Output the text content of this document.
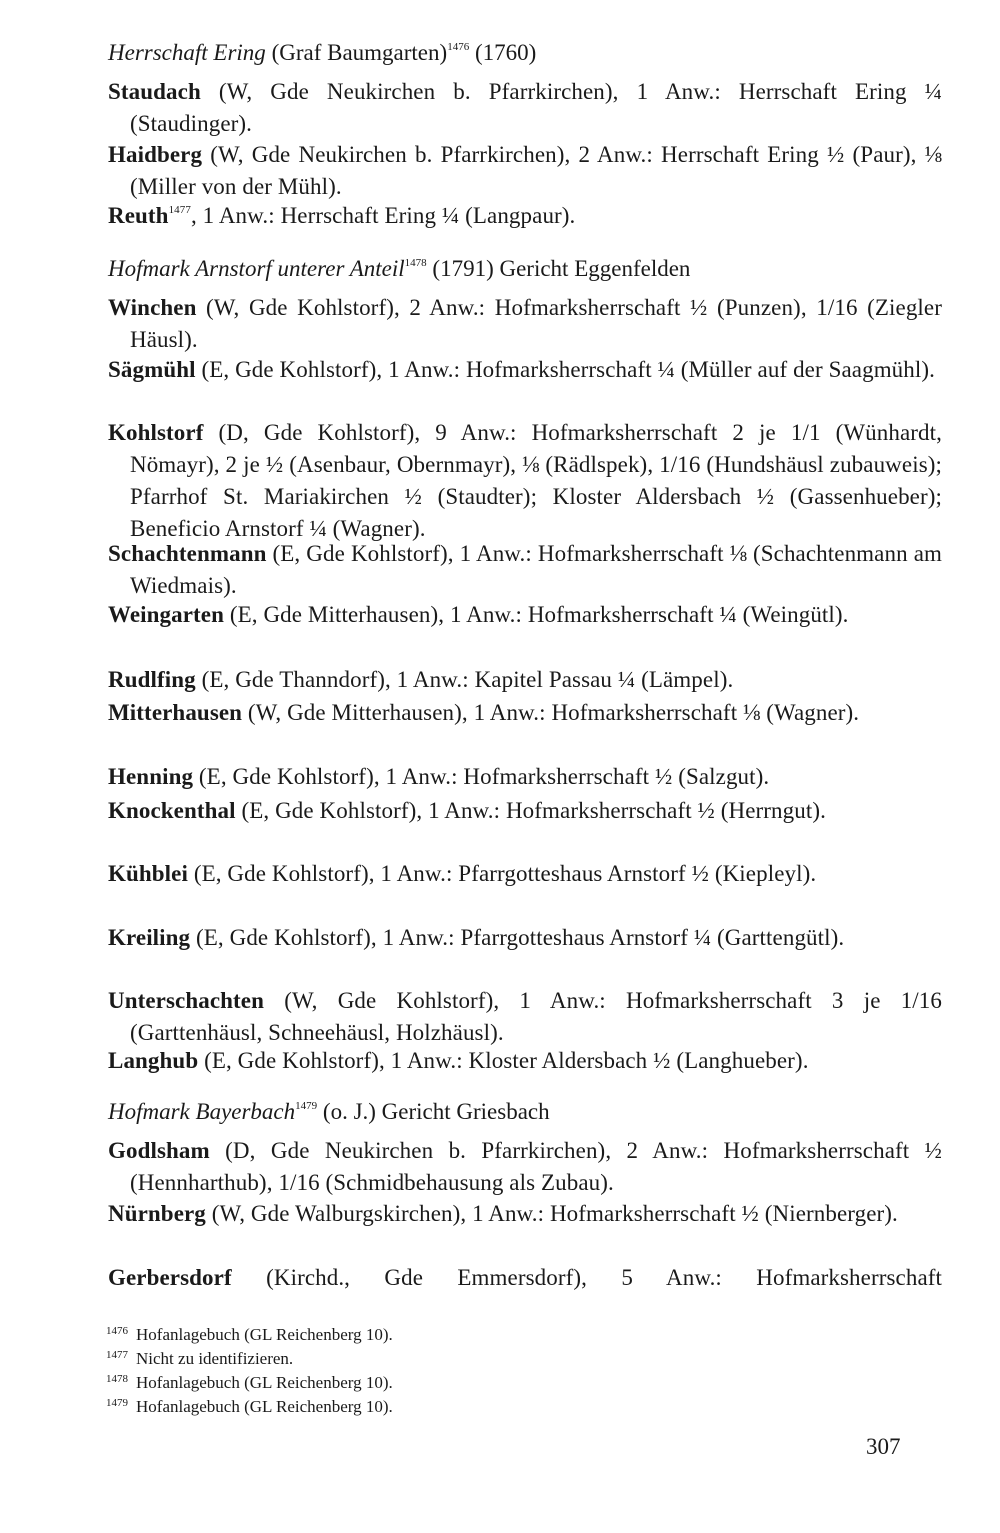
Herrschaft Ering (Graf Baumgarten)$^{1476}$ (1760)
Staudach (W, Gde Neukirchen b. Pfarrkirchen), 1 Anw.: Herrschaft Ering ¼ (Staudinger).
Haidberg (W, Gde Neukirchen b. Pfarrkirchen), 2 Anw.: Herrschaft Ering ½ (Paur), ⅛ (Miller von der Mühl).
Reuth$^{1477}$, 1 Anw.: Herrschaft Ering ¼ (Langpaur).
Hofmark Arnstorf unterer Anteil$^{1478}$ (1791) Gericht Eggenfelden
Winchen (W, Gde Kohlstorf), 2 Anw.: Hofmarksherrschaft ½ (Punzen), 1/16 (Ziegler Häusl).
Sägmühl (E, Gde Kohlstorf), 1 Anw.: Hofmarksherrschaft ¼ (Müller auf der Saagmühl).
Kohlstorf (D, Gde Kohlstorf), 9 Anw.: Hofmarksherrschaft 2 je 1/1 (Wünhardt, Nömayr), 2 je ½ (Asenbaur, Obernmayr), ⅛ (Rädlspek), 1/16 (Hundshäusl zubauweis); Pfarrhof St. Mariakirchen ½ (Staudter); Kloster Aldersbach ½ (Gassenhueber); Beneficio Arnstorf ¼ (Wagner).
Schachtenmann (E, Gde Kohlstorf), 1 Anw.: Hofmarksherrschaft ⅛ (Schachtenmann am Wiedmais).
Weingarten (E, Gde Mitterhausen), 1 Anw.: Hofmarksherrschaft ¼ (Weingütl).
Rudlfing (E, Gde Thanndorf), 1 Anw.: Kapitel Passau ¼ (Lämpel).
Mitterhausen (W, Gde Mitterhausen), 1 Anw.: Hofmarksherrschaft ⅛ (Wagner).
Henning (E, Gde Kohlstorf), 1 Anw.: Hofmarksherrschaft ½ (Salzgut).
Knockenthal (E, Gde Kohlstorf), 1 Anw.: Hofmarksherrschaft ½ (Herrngut).
Kühblei (E, Gde Kohlstorf), 1 Anw.: Pfarrgotteshaus Arnstorf ½ (Kiepleyl).
Kreiling (E, Gde Kohlstorf), 1 Anw.: Pfarrgotteshaus Arnstorf ¼ (Garttengütl).
Unterschachten (W, Gde Kohlstorf), 1 Anw.: Hofmarksherrschaft 3 je 1/16 (Garttenhäusl, Schneehäusl, Holzhäusl).
Langhub (E, Gde Kohlstorf), 1 Anw.: Kloster Aldersbach ½ (Langhueber).
Hofmark Bayerbach$^{1479}$ (o. J.) Gericht Griesbach
Godlsham (D, Gde Neukirchen b. Pfarrkirchen), 2 Anw.: Hofmarksherrschaft ½ (Hennharthub), 1/16 (Schmidbehausung als Zubau).
Nürnberg (W, Gde Walburgskirchen), 1 Anw.: Hofmarksherrschaft ½ (Niernberger).
Gerbersdorf (Kirchd., Gde Emmersdorf), 5 Anw.: Hofmarksherrschaft
$^{1476}$ Hofanlagebuch (GL Reichenberg 10).
$^{1477}$ Nicht zu identifizieren.
$^{1478}$ Hofanlagebuch (GL Reichenberg 10).
$^{1479}$ Hofanlagebuch (GL Reichenberg 10).
307
